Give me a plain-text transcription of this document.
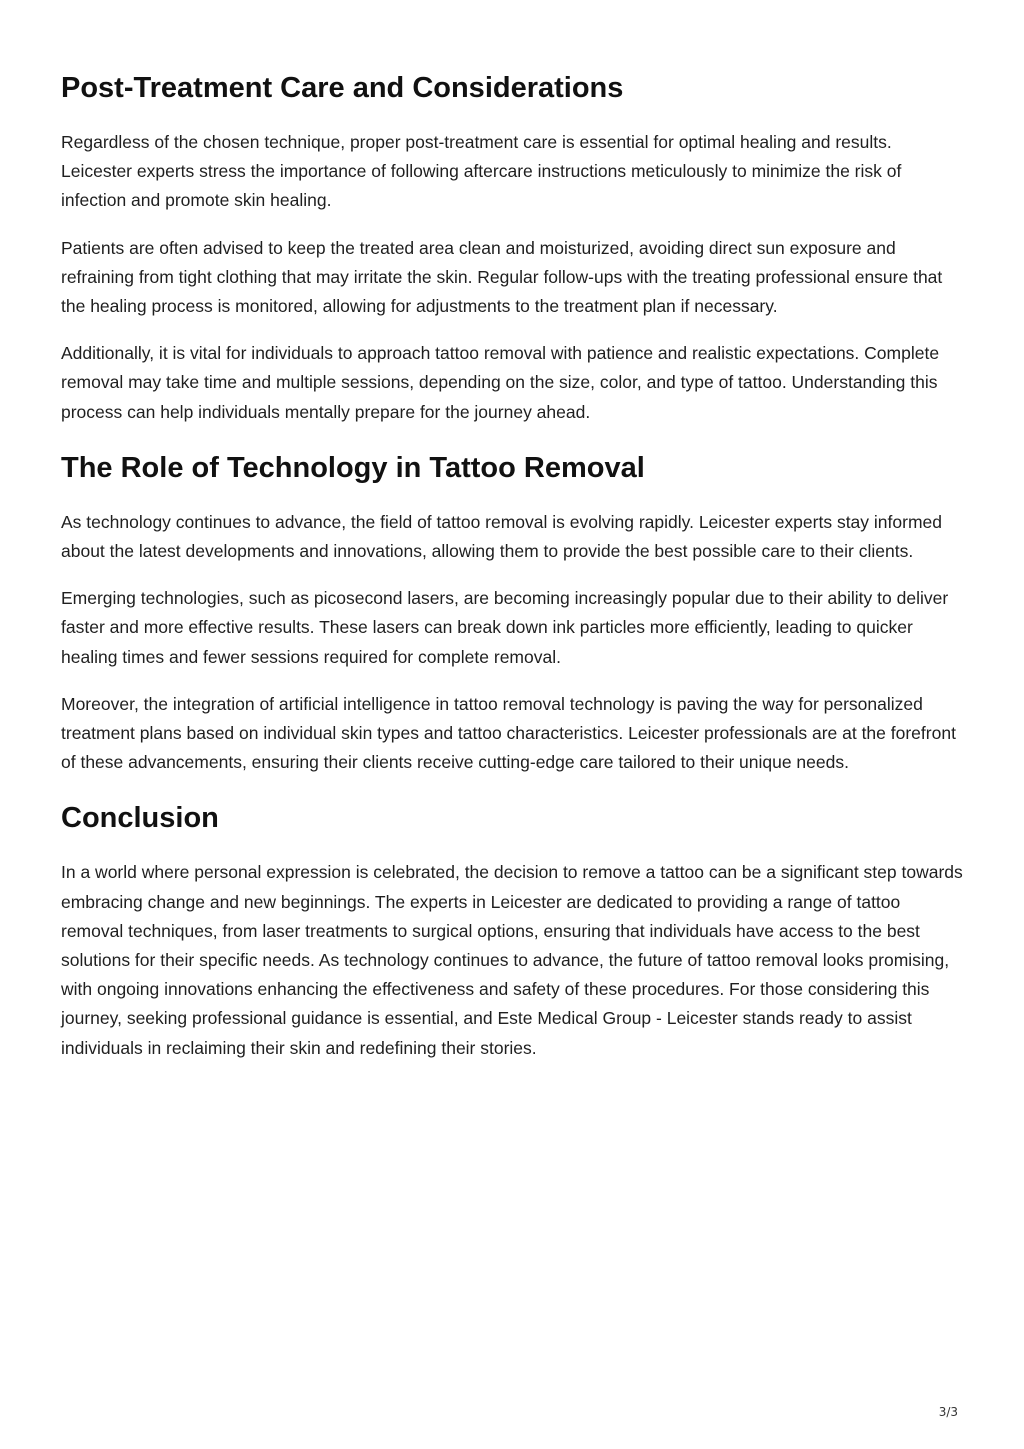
Post-Treatment Care and Considerations

Regardless of the chosen technique, proper post-treatment care is essential for optimal healing and results. Leicester experts stress the importance of following aftercare instructions meticulously to minimize the risk of infection and promote skin healing.

Patients are often advised to keep the treated area clean and moisturized, avoiding direct sun exposure and refraining from tight clothing that may irritate the skin. Regular follow-ups with the treating professional ensure that the healing process is monitored, allowing for adjustments to the treatment plan if necessary.

Additionally, it is vital for individuals to approach tattoo removal with patience and realistic expectations. Complete removal may take time and multiple sessions, depending on the size, color, and type of tattoo. Understanding this process can help individuals mentally prepare for the journey ahead.

The Role of Technology in Tattoo Removal

As technology continues to advance, the field of tattoo removal is evolving rapidly. Leicester experts stay informed about the latest developments and innovations, allowing them to provide the best possible care to their clients.

Emerging technologies, such as picosecond lasers, are becoming increasingly popular due to their ability to deliver faster and more effective results. These lasers can break down ink particles more efficiently, leading to quicker healing times and fewer sessions required for complete removal.

Moreover, the integration of artificial intelligence in tattoo removal technology is paving the way for personalized treatment plans based on individual skin types and tattoo characteristics. Leicester professionals are at the forefront of these advancements, ensuring their clients receive cutting-edge care tailored to their unique needs.

Conclusion

In a world where personal expression is celebrated, the decision to remove a tattoo can be a significant step towards embracing change and new beginnings. The experts in Leicester are dedicated to providing a range of tattoo removal techniques, from laser treatments to surgical options, ensuring that individuals have access to the best solutions for their specific needs. As technology continues to advance, the future of tattoo removal looks promising, with ongoing innovations enhancing the effectiveness and safety of these procedures. For those considering this journey, seeking professional guidance is essential, and Este Medical Group - Leicester stands ready to assist individuals in reclaiming their skin and redefining their stories.

3/3
